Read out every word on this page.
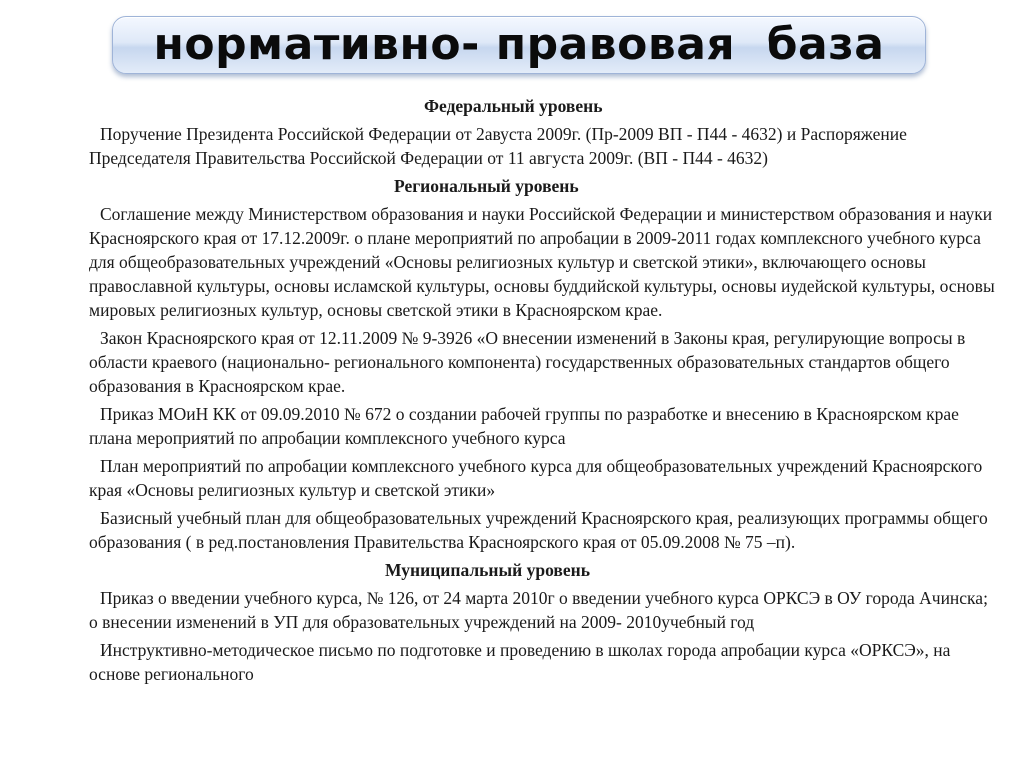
нормативно- правовая  база

Федеральный уровень

Поручение Президента Российской Федерации от 2авуста 2009г. (Пр-2009 ВП - П44 - 4632) и Распоряжение Председателя Правительства Российской Федерации от 11 августа 2009г. (ВП - П44 - 4632)

Региональный уровень

Соглашение между Министерством образования и науки Российской Федерации и министерством образования и науки Красноярского края от 17.12.2009г. о плане мероприятий по апробации в 2009-2011 годах комплексного учебного курса для общеобразовательных учреждений «Основы религиозных культур и светской этики», включающего основы православной культуры, основы исламской культуры, основы буддийской культуры, основы иудейской культуры, основы мировых религиозных культур, основы светской этики в Красноярском крае.

Закон Красноярского края от 12.11.2009 № 9-3926 «О внесении изменений в Законы края, регулирующие вопросы в области краевого (национально- регионального компонента) государственных образовательных стандартов общего образования в Красноярском крае.

Приказ МОиН КК от 09.09.2010 № 672 о создании рабочей группы по разработке и внесению в Красноярском крае плана мероприятий по апробации комплексного учебного курса

План мероприятий по апробации комплексного учебного курса для общеобразовательных учреждений Красноярского края «Основы религиозных культур и светской этики»

Базисный учебный план для общеобразовательных учреждений Красноярского края, реализующих программы общего образования ( в ред.постановления Правительства Красноярского края от 05.09.2008 № 75 –п).

Муниципальный уровень

Приказ о введении учебного курса, № 126, от 24 марта 2010г о введении учебного курса ОРКСЭ в ОУ города Ачинска; о внесении изменений в УП для образовательных учреждений на 2009- 2010учебный год

Инструктивно-методическое письмо по подготовке и проведению в школах города апробации курса «ОРКСЭ», на основе регионального
